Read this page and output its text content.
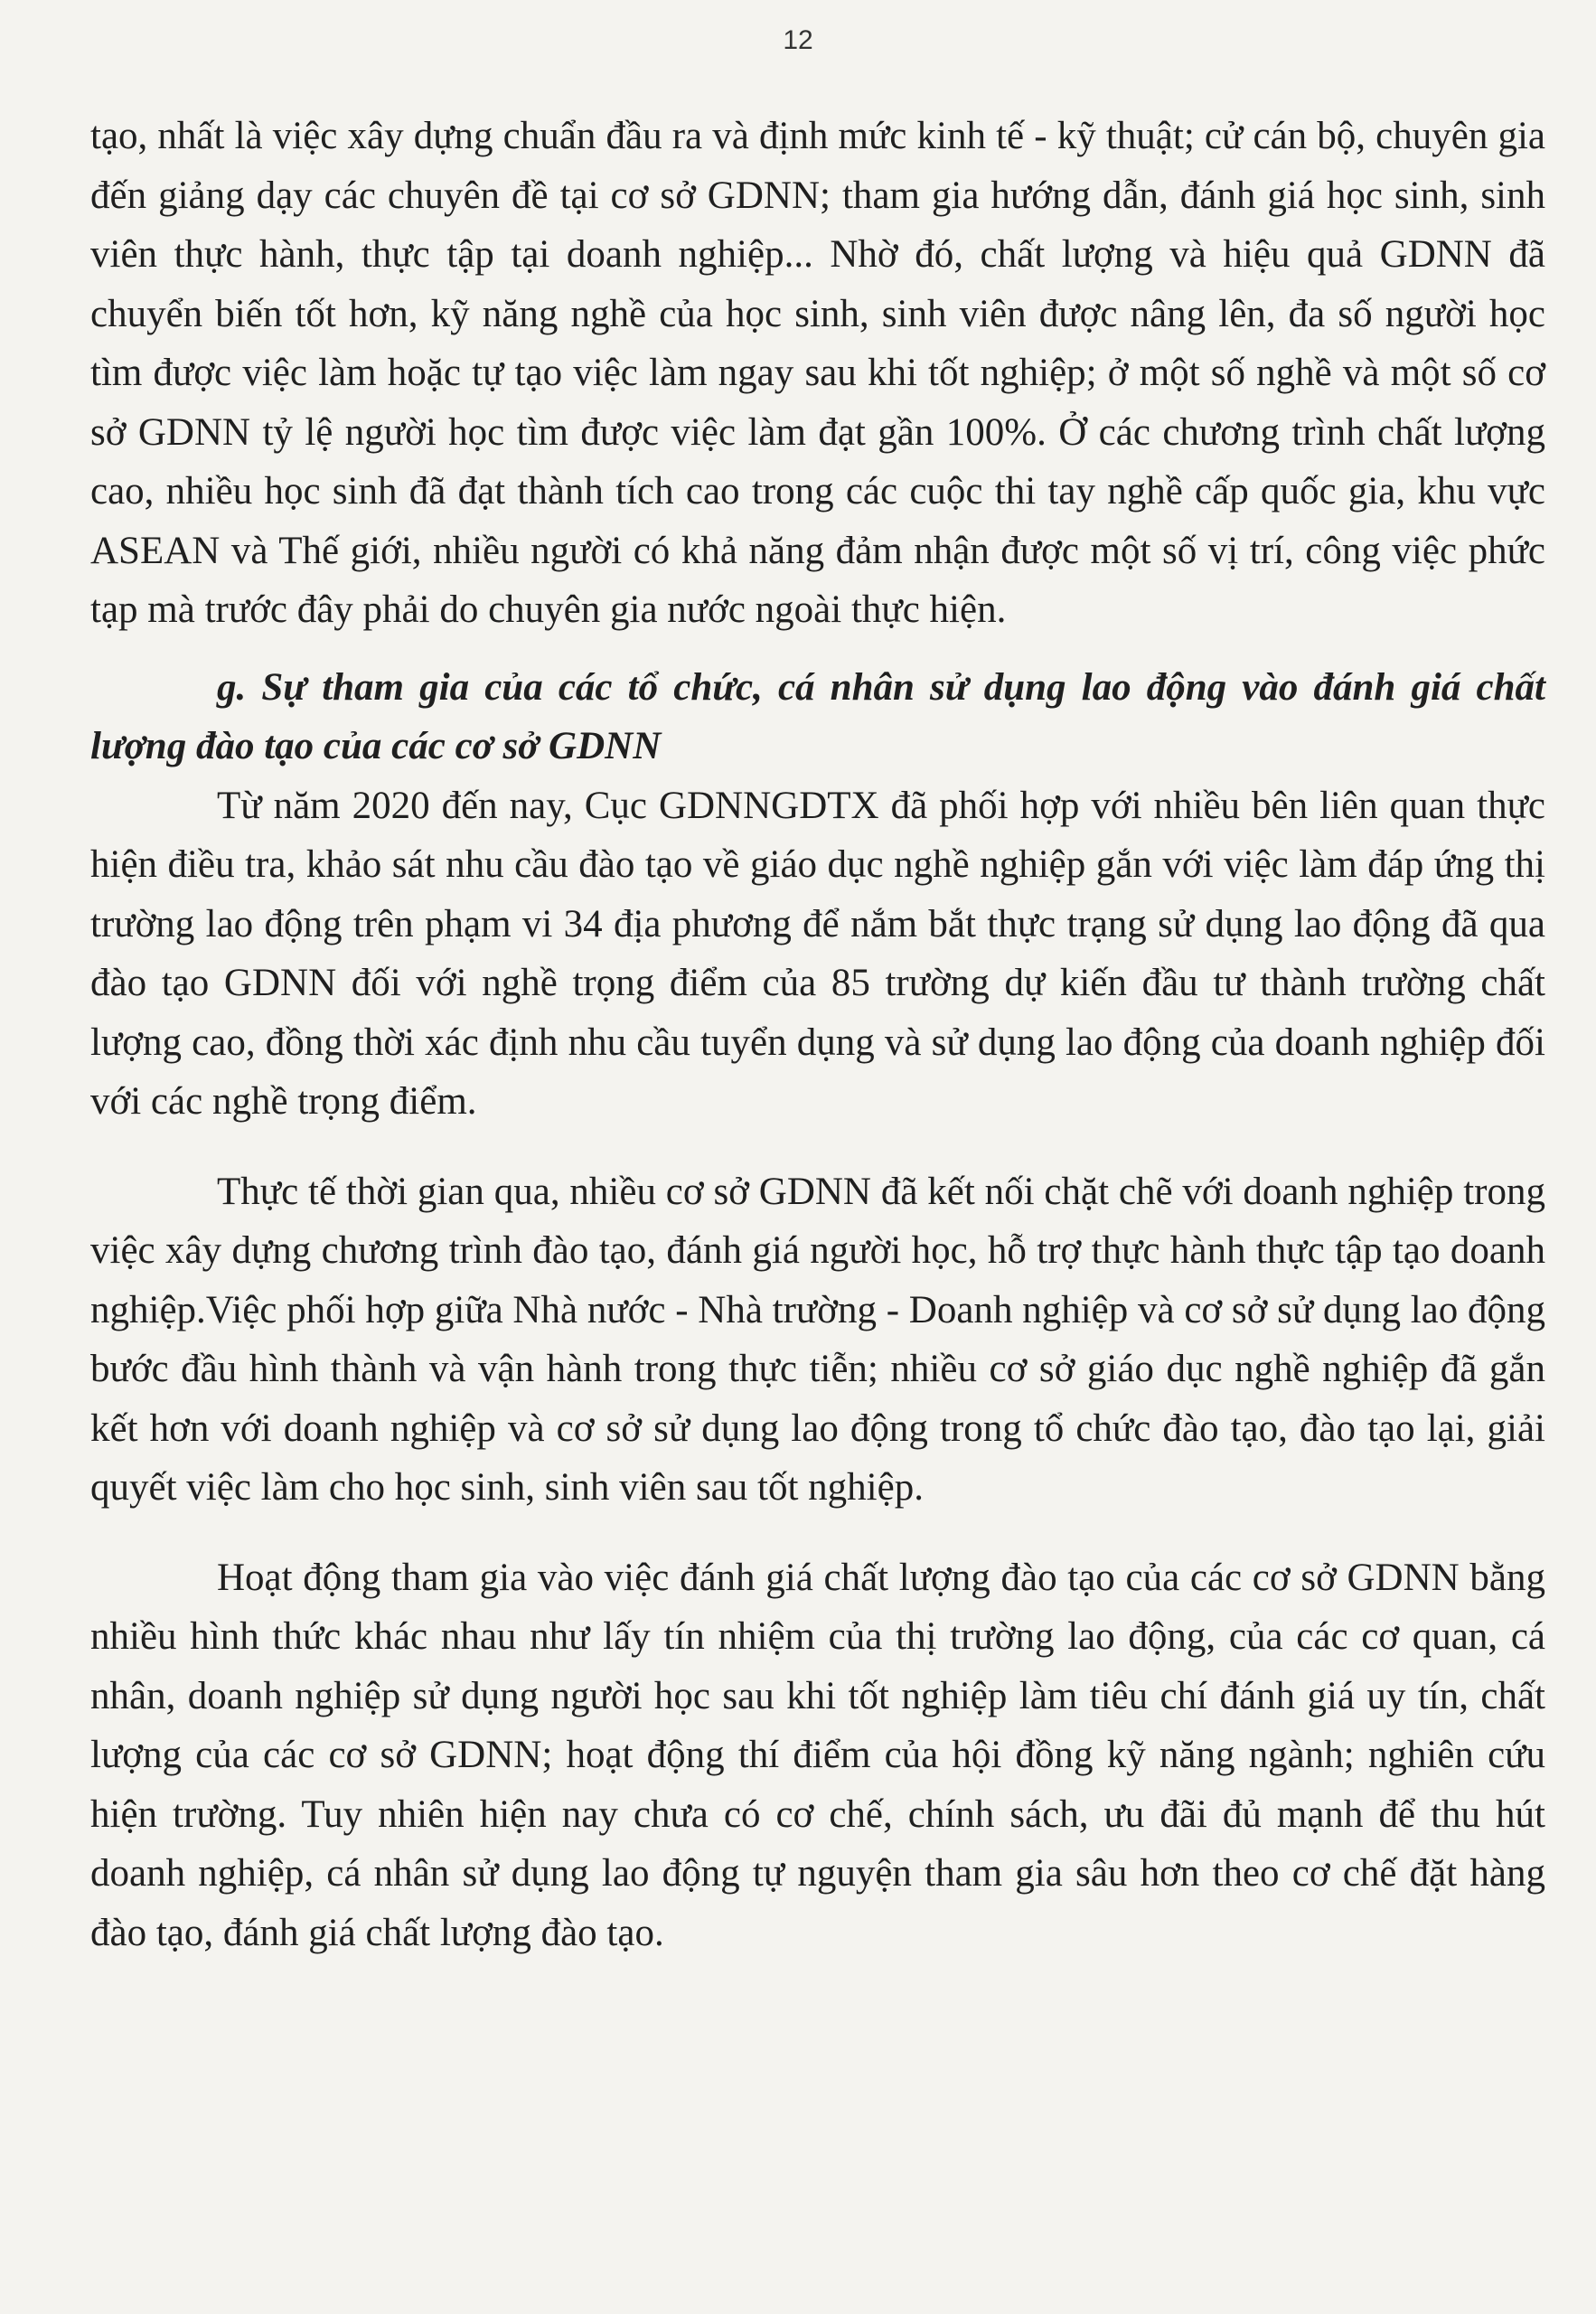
12

tạo, nhất là việc xây dựng chuẩn đầu ra và định mức kinh tế - kỹ thuật; cử cán bộ, chuyên gia đến giảng dạy các chuyên đề tại cơ sở GDNN; tham gia hướng dẫn, đánh giá học sinh, sinh viên thực hành, thực tập tại doanh nghiệp... Nhờ đó, chất lượng và hiệu quả GDNN đã chuyển biến tốt hơn, kỹ năng nghề của học sinh, sinh viên được nâng lên, đa số người học tìm được việc làm hoặc tự tạo việc làm ngay sau khi tốt nghiệp; ở một số nghề và một số cơ sở GDNN tỷ lệ người học tìm được việc làm đạt gần 100%. Ở các chương trình chất lượng cao, nhiều học sinh đã đạt thành tích cao trong các cuộc thi tay nghề cấp quốc gia, khu vực ASEAN và Thế giới, nhiều người có khả năng đảm nhận được một số vị trí, công việc phức tạp mà trước đây phải do chuyên gia nước ngoài thực hiện.

g. Sự tham gia của các tổ chức, cá nhân sử dụng lao động vào đánh giá chất lượng đào tạo của các cơ sở GDNN

Từ năm 2020 đến nay, Cục GDNNGDTX đã phối hợp với nhiều bên liên quan thực hiện điều tra, khảo sát nhu cầu đào tạo về giáo dục nghề nghiệp gắn với việc làm đáp ứng thị trường lao động trên phạm vi 34 địa phương để nắm bắt thực trạng sử dụng lao động đã qua đào tạo GDNN đối với nghề trọng điểm của 85 trường dự kiến đầu tư thành trường chất lượng cao, đồng thời xác định nhu cầu tuyển dụng và sử dụng lao động của doanh nghiệp đối với các nghề trọng điểm.

Thực tế thời gian qua, nhiều cơ sở GDNN đã kết nối chặt chẽ với doanh nghiệp trong việc xây dựng chương trình đào tạo, đánh giá người học, hỗ trợ thực hành thực tập tạo doanh nghiệp.Việc phối hợp giữa Nhà nước - Nhà trường - Doanh nghiệp và cơ sở sử dụng lao động bước đầu hình thành và vận hành trong thực tiễn; nhiều cơ sở giáo dục nghề nghiệp đã gắn kết hơn với doanh nghiệp và cơ sở sử dụng lao động trong tổ chức đào tạo, đào tạo lại, giải quyết việc làm cho học sinh, sinh viên sau tốt nghiệp.

Hoạt động tham gia vào việc đánh giá chất lượng đào tạo của các cơ sở GDNN bằng nhiều hình thức khác nhau như lấy tín nhiệm của thị trường lao động, của các cơ quan, cá nhân, doanh nghiệp sử dụng người học sau khi tốt nghiệp làm tiêu chí đánh giá uy tín, chất lượng của các cơ sở GDNN; hoạt động thí điểm của hội đồng kỹ năng ngành; nghiên cứu hiện trường. Tuy nhiên hiện nay chưa có cơ chế, chính sách, ưu đãi đủ mạnh để thu hút doanh nghiệp, cá nhân sử dụng lao động tự nguyện tham gia sâu hơn theo cơ chế đặt hàng đào tạo, đánh giá chất lượng đào tạo.
